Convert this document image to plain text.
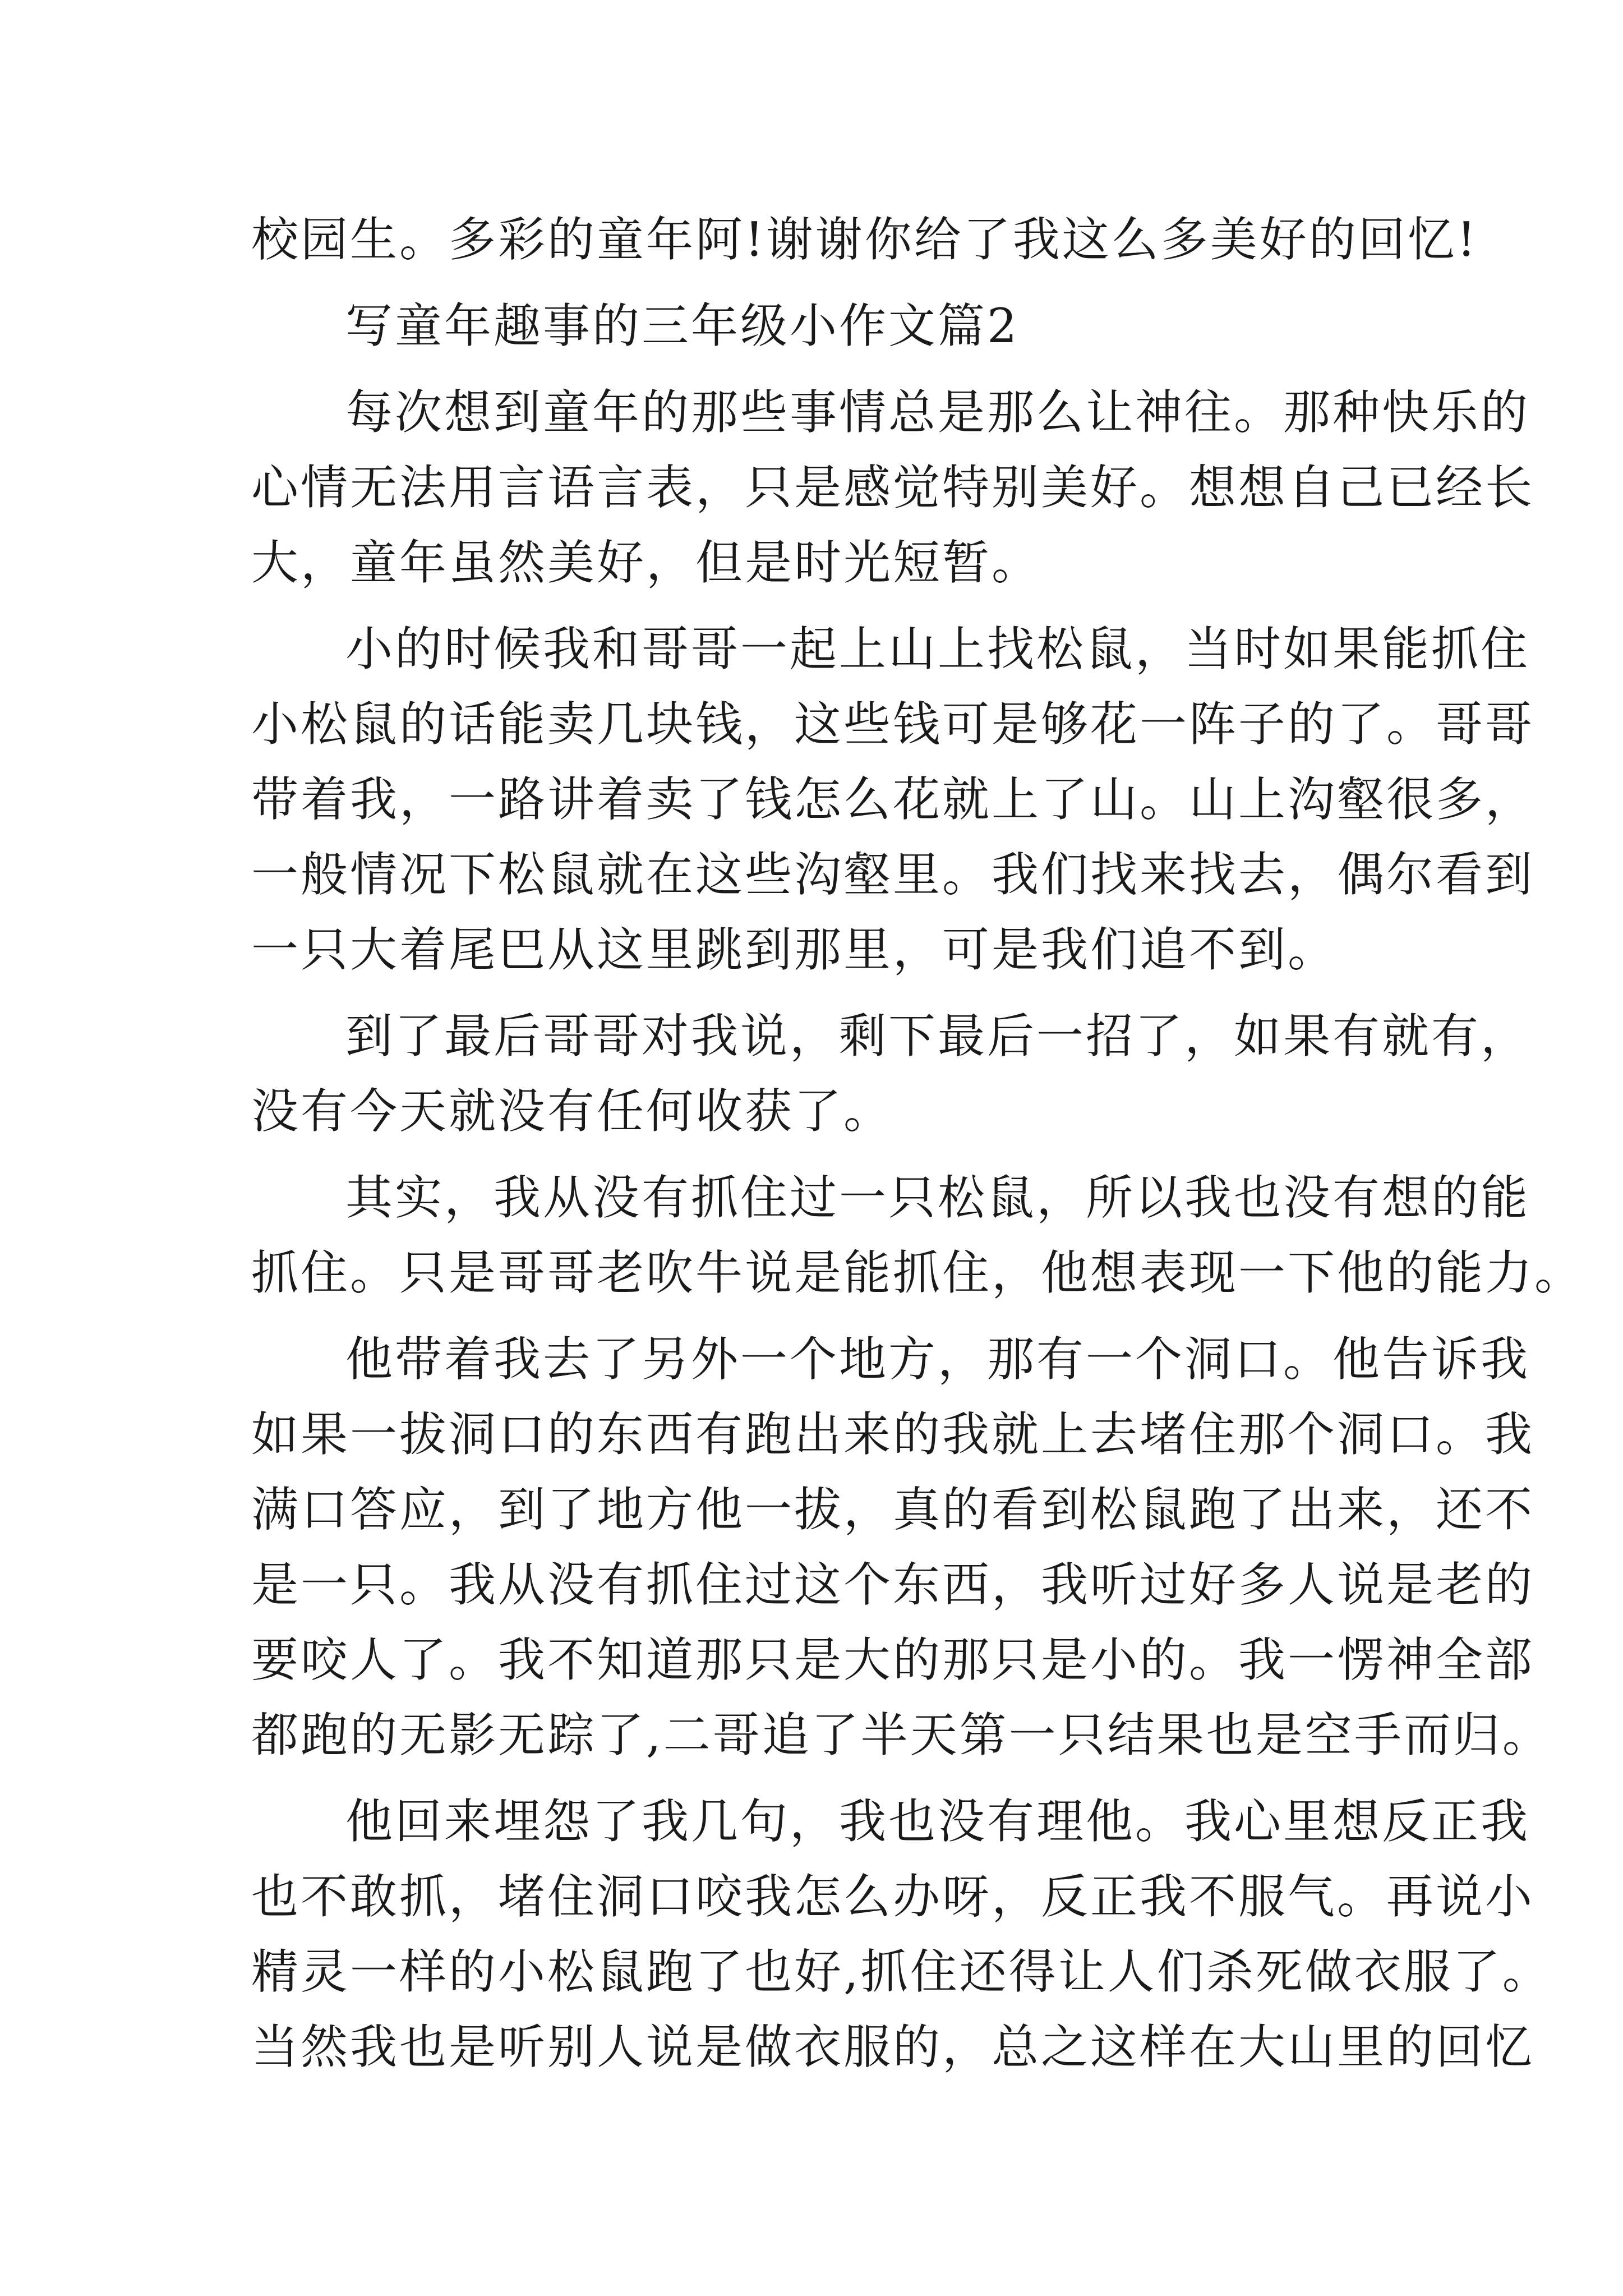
校园生。多彩的童年阿!谢谢你给了我这么多美好的回忆!
写童年趣事的三年级小作文篇2
每次想到童年的那些事情总是那么让神往。那种快乐的
心情无法用言语言表，只是感觉特别美好。想想自己已经长
大，童年虽然美好，但是时光短暂。
小的时候我和哥哥一起上山上找松鼠，当时如果能抓住
小松鼠的话能卖几块钱，这些钱可是够花一阵子的了。哥哥
带着我，一路讲着卖了钱怎么花就上了山。山上沟壑很多，
一般情况下松鼠就在这些沟壑里。我们找来找去，偶尔看到
一只大着尾巴从这里跳到那里，可是我们追不到。
到了最后哥哥对我说，剩下最后一招了，如果有就有，
没有今天就没有任何收获了。
其实，我从没有抓住过一只松鼠，所以我也没有想的能
抓住。只是哥哥老吹牛说是能抓住，他想表现一下他的能力。
他带着我去了另外一个地方，那有一个洞口。他告诉我
如果一拔洞口的东西有跑出来的我就上去堵住那个洞口。我
满口答应，到了地方他一拔，真的看到松鼠跑了出来，还不
是一只。我从没有抓住过这个东西，我听过好多人说是老的
要咬人了。我不知道那只是大的那只是小的。我一愣神全部
都跑的无影无踪了,二哥追了半天第一只结果也是空手而归。
他回来埋怨了我几句，我也没有理他。我心里想反正我
也不敢抓，堵住洞口咬我怎么办呀，反正我不服气。再说小
精灵一样的小松鼠跑了也好,抓住还得让人们杀死做衣服了。
当然我也是听别人说是做衣服的，总之这样在大山里的回忆
